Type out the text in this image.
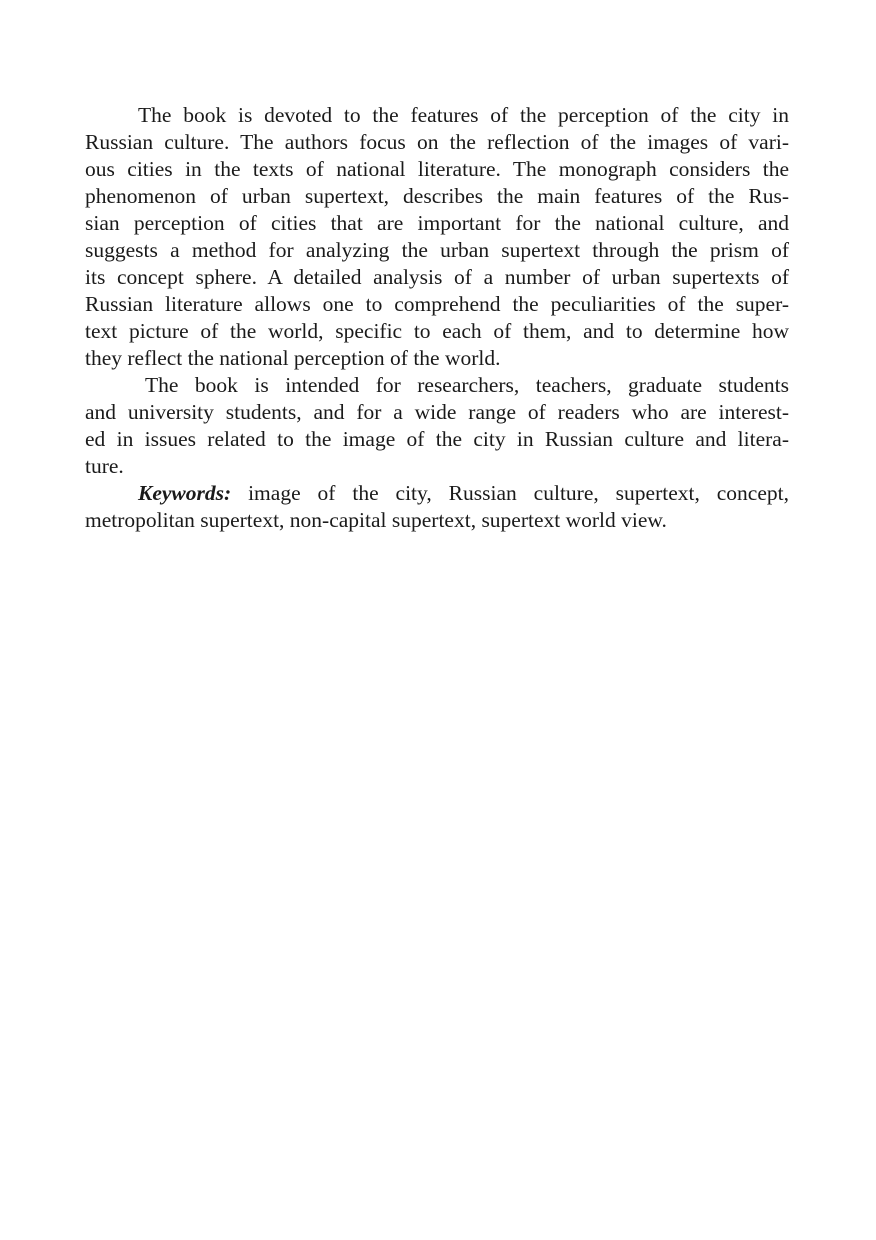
The book is devoted to the features of the perception of the city in
Russian culture. The authors focus on the reflection of the images of vari-
ous cities in the texts of national literature. The monograph considers the
phenomenon of urban supertext, describes the main features of the Rus-
sian perception of cities that are important for the national culture, and
suggests a method for analyzing the urban supertext through the prism of
its concept sphere. A detailed analysis of a number of urban supertexts of
Russian literature allows one to comprehend the peculiarities of the super-
text picture of the world, specific to each of them, and to determine how
they reflect the national perception of the world.
The book is intended for researchers, teachers, graduate students
and university students, and for a wide range of readers who are interest-
ed in issues related to the image of the city in Russian culture and litera-
ture.
Keywords: image of the city, Russian culture, supertext, concept,
metropolitan supertext, non-capital supertext, supertext world view.
